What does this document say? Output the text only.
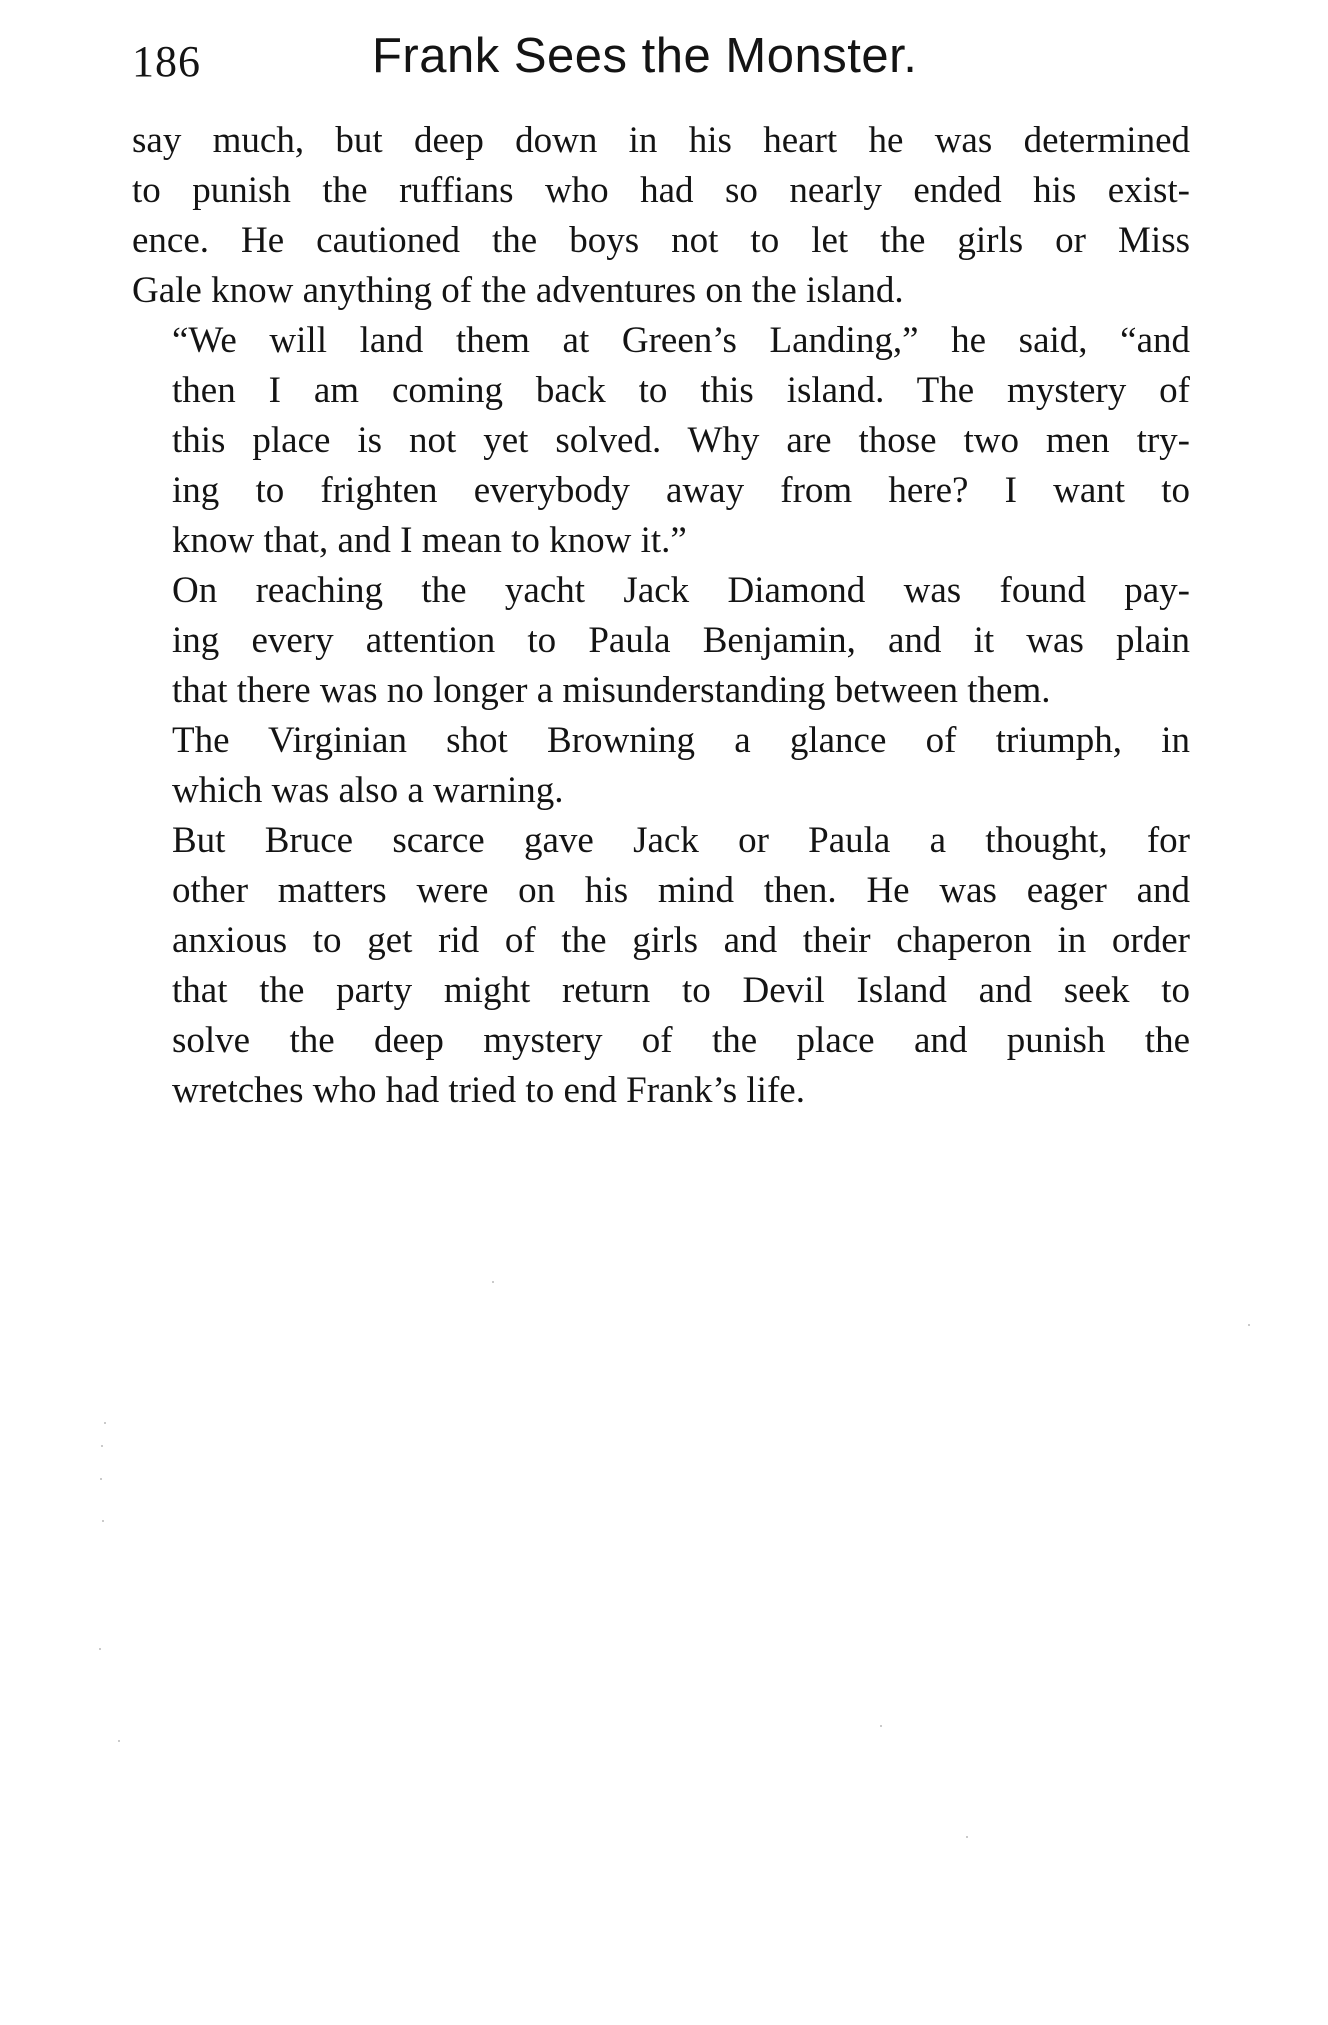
186	Frank Sees the Monster.

say much, but deep down in his heart he was determined
to punish the ruffians who had so nearly ended his exist-
ence. He cautioned the boys not to let the girls or Miss
Gale know anything of the adventures on the island.

“We will land them at Green’s Landing,” he said, “and
then I am coming back to this island. The mystery of
this place is not yet solved. Why are those two men try-
ing to frighten everybody away from here? I want to
know that, and I mean to know it.”

On reaching the yacht Jack Diamond was found pay-
ing every attention to Paula Benjamin, and it was plain
that there was no longer a misunderstanding between them.

The Virginian shot Browning a glance of triumph, in
which was also a warning.

But Bruce scarce gave Jack or Paula a thought, for
other matters were on his mind then. He was eager and
anxious to get rid of the girls and their chaperon in order
that the party might return to Devil Island and seek to
solve the deep mystery of the place and punish the
wretches who had tried to end Frank’s life.
